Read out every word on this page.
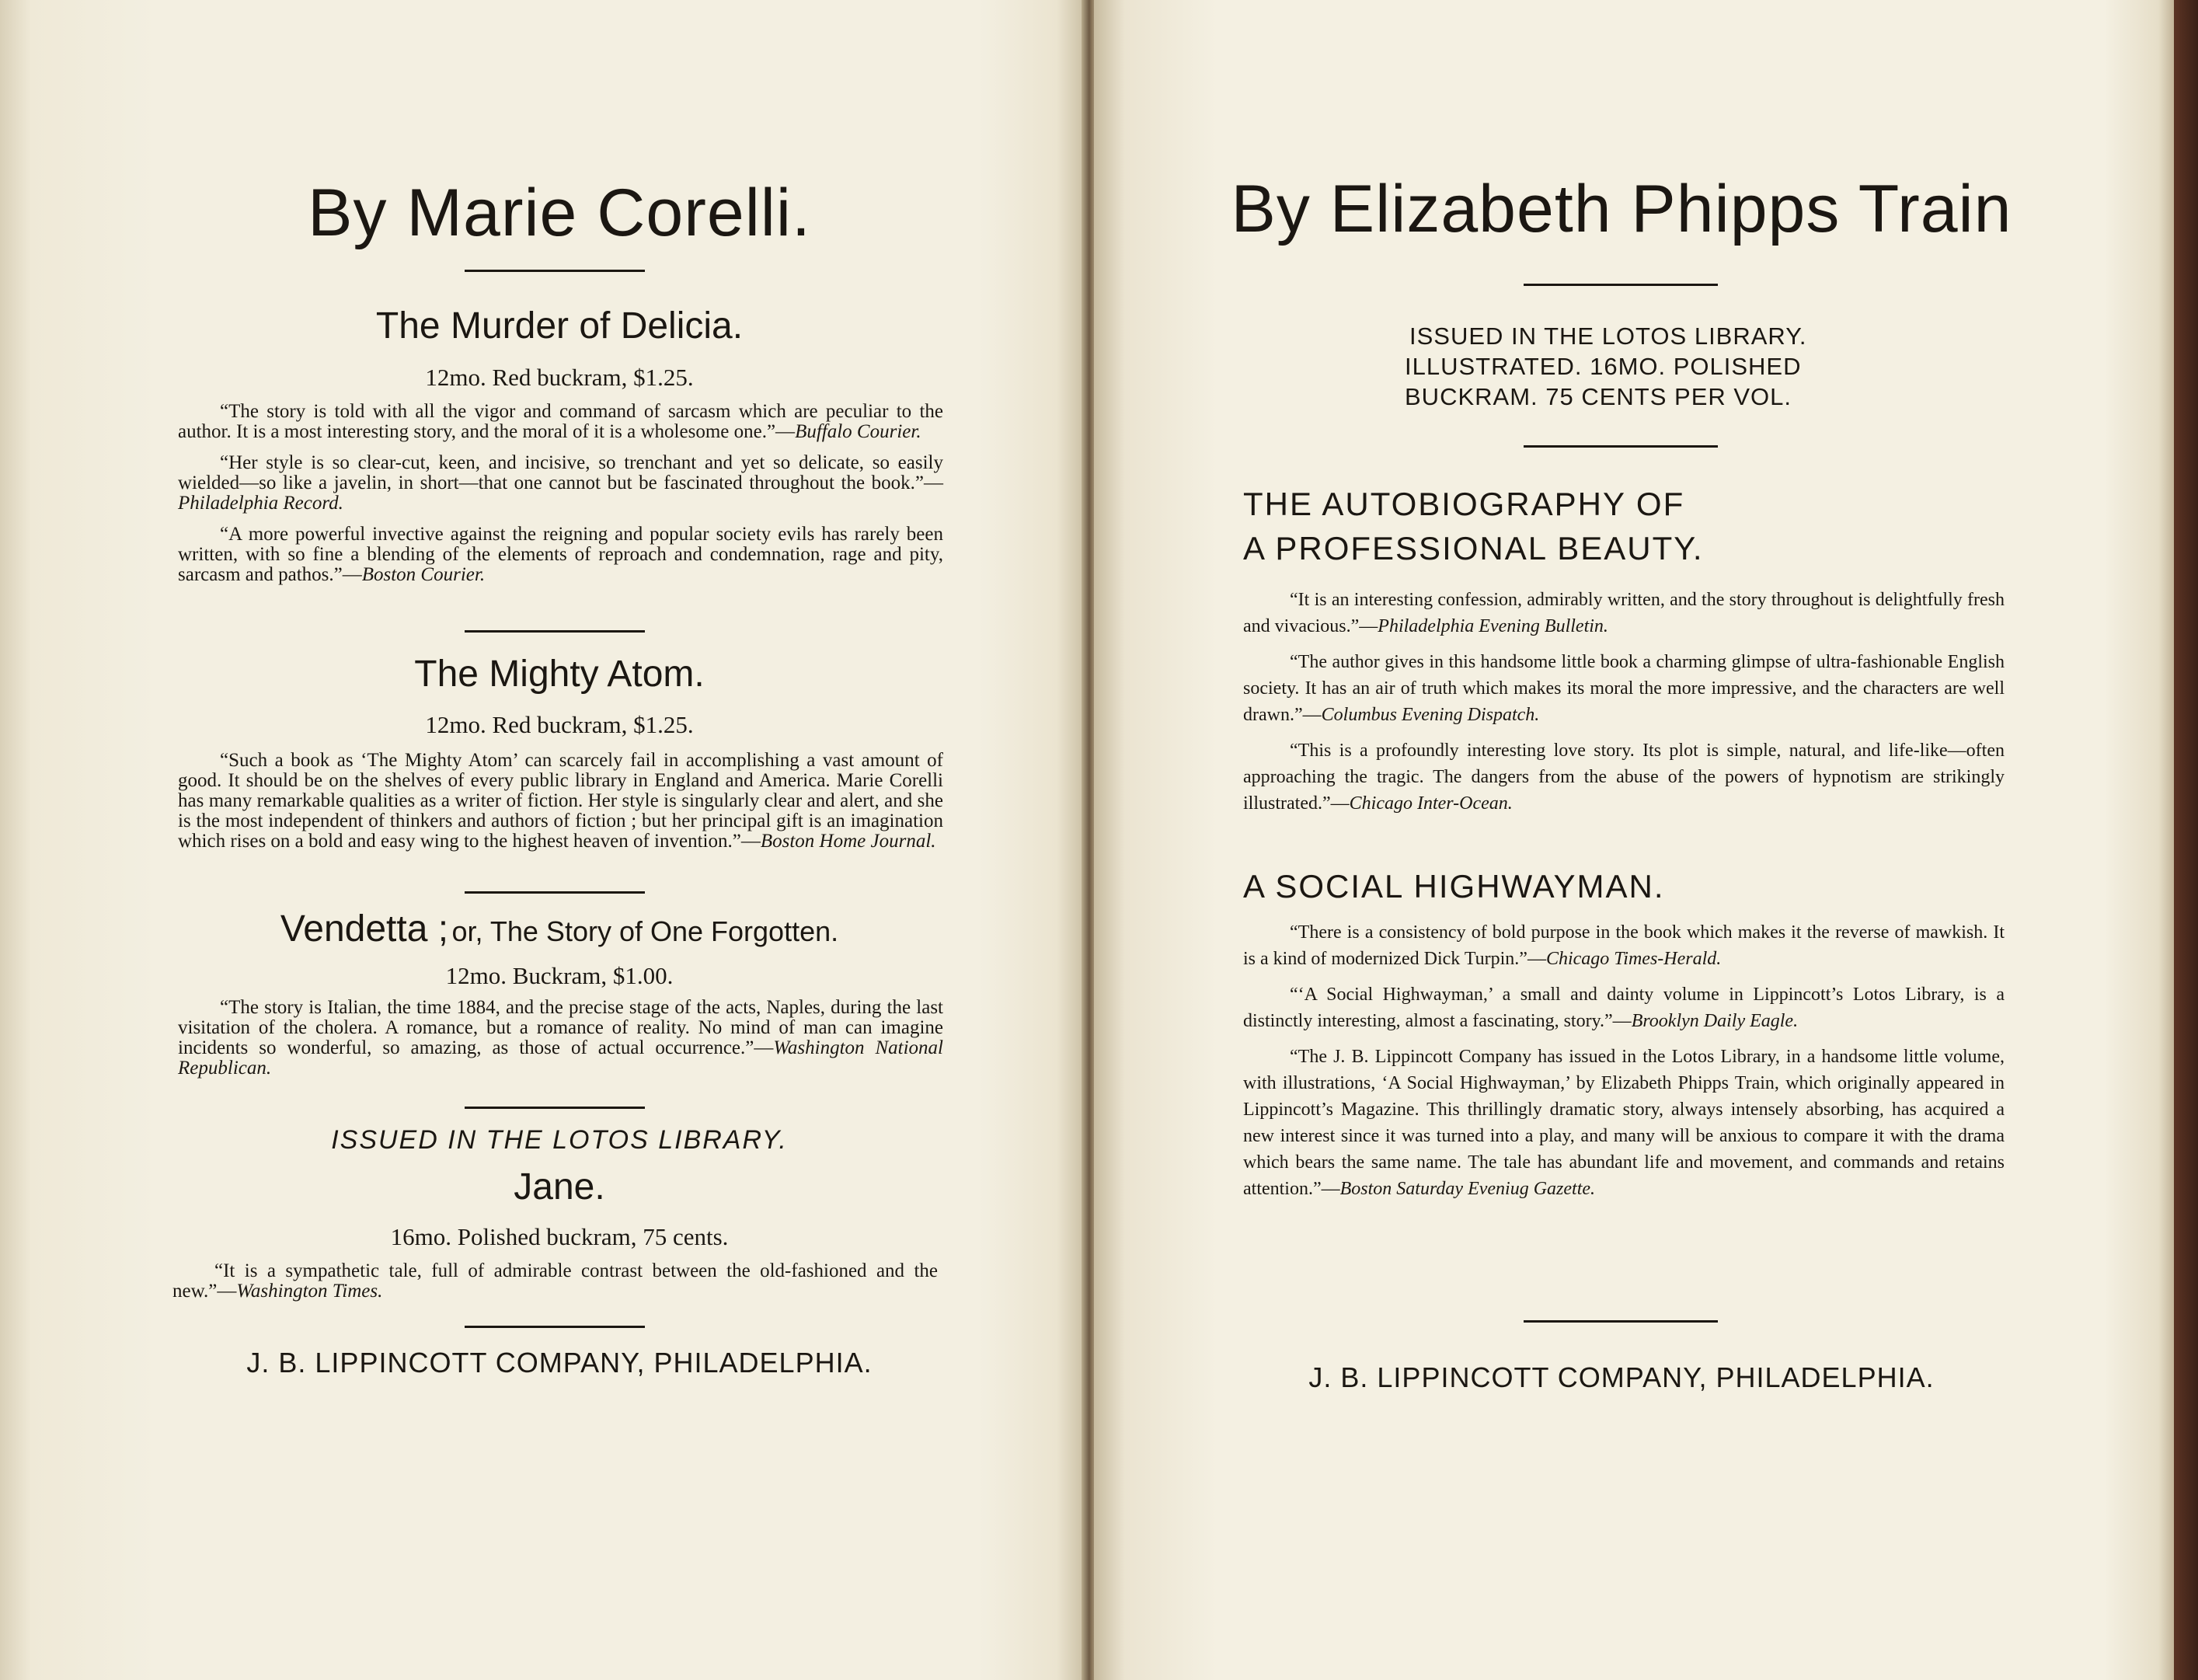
By Marie Corelli.
The Murder of Delicia.
12mo. Red buckram, $1.25.

“The story is told with all the vigor and command of sarcasm which are peculiar to the author. It is a most interesting story, and the moral of it is a wholesome one.”—Buffalo Courier.

“Her style is so clear-cut, keen, and incisive, so trenchant and yet so delicate, so easily wielded—so like a javelin, in short—that one cannot but be fascinated throughout the book.”—Philadelphia Record.

“A more powerful invective against the reigning and popular society evils has rarely been written, with so fine a blending of the elements of reproach and condemnation, rage and pity, sarcasm and pathos.”—Boston Courier.

The Mighty Atom.
12mo. Red buckram, $1.25.

“Such a book as ‘The Mighty Atom’ can scarcely fail in accomplishing a vast amount of good. It should be on the shelves of every public library in England and America. Marie Corelli has many remarkable qualities as a writer of fiction. Her style is singularly clear and alert, and she is the most independent of thinkers and authors of fiction ; but her principal gift is an imagination which rises on a bold and easy wing to the highest heaven of invention.”—Boston Home Journal.

Vendetta ; or, The Story of One Forgotten.
12mo. Buckram, $1.00.

“The story is Italian, the time 1884, and the precise stage of the acts, Naples, during the last visitation of the cholera. A romance, but a romance of reality. No mind of man can imagine incidents so wonderful, so amazing, as those of actual occurrence.”—Washington National Republican.

ISSUED IN THE LOTOS LIBRARY.
Jane.
16mo. Polished buckram, 75 cents.

“It is a sympathetic tale, full of admirable contrast between the old-fashioned and the new.”—Washington Times.

J. B. LIPPINCOTT COMPANY, PHILADELPHIA.
By Elizabeth Phipps Train
ISSUED IN THE LOTOS LIBRARY.
ILLUSTRATED. 16MO. POLISHED
BUCKRAM. 75 CENTS PER VOL.
THE AUTOBIOGRAPHY OF
A PROFESSIONAL BEAUTY.

“It is an interesting confession, admirably written, and the story throughout is delightfully fresh and vivacious.”—Philadelphia Evening Bulletin.

“The author gives in this handsome little book a charming glimpse of ultra-fashionable English society. It has an air of truth which makes its moral the more impressive, and the characters are well drawn.”—Columbus Evening Dispatch.

“This is a profoundly interesting love story. Its plot is simple, natural, and life-like—often approaching the tragic. The dangers from the abuse of the powers of hypnotism are strikingly illustrated.”—Chicago Inter-Ocean.

A SOCIAL HIGHWAYMAN.

“There is a consistency of bold purpose in the book which makes it the reverse of mawkish. It is a kind of modernized Dick Turpin.”—Chicago Times-Herald.

“‘A Social Highwayman,’ a small and dainty volume in Lippincott’s Lotos Library, is a distinctly interesting, almost a fascinating, story.”—Brooklyn Daily Eagle.

“The J. B. Lippincott Company has issued in the Lotos Library, in a handsome little volume, with illustrations, ‘A Social Highwayman,’ by Elizabeth Phipps Train, which originally appeared in Lippincott’s Magazine. This thrillingly dramatic story, always intensely absorbing, has acquired a new interest since it was turned into a play, and many will be anxious to compare it with the drama which bears the same name. The tale has abundant life and movement, and commands and retains attention.”—Boston Saturday Eveniug Gazette.

J. B. LIPPINCOTT COMPANY, PHILADELPHIA.
